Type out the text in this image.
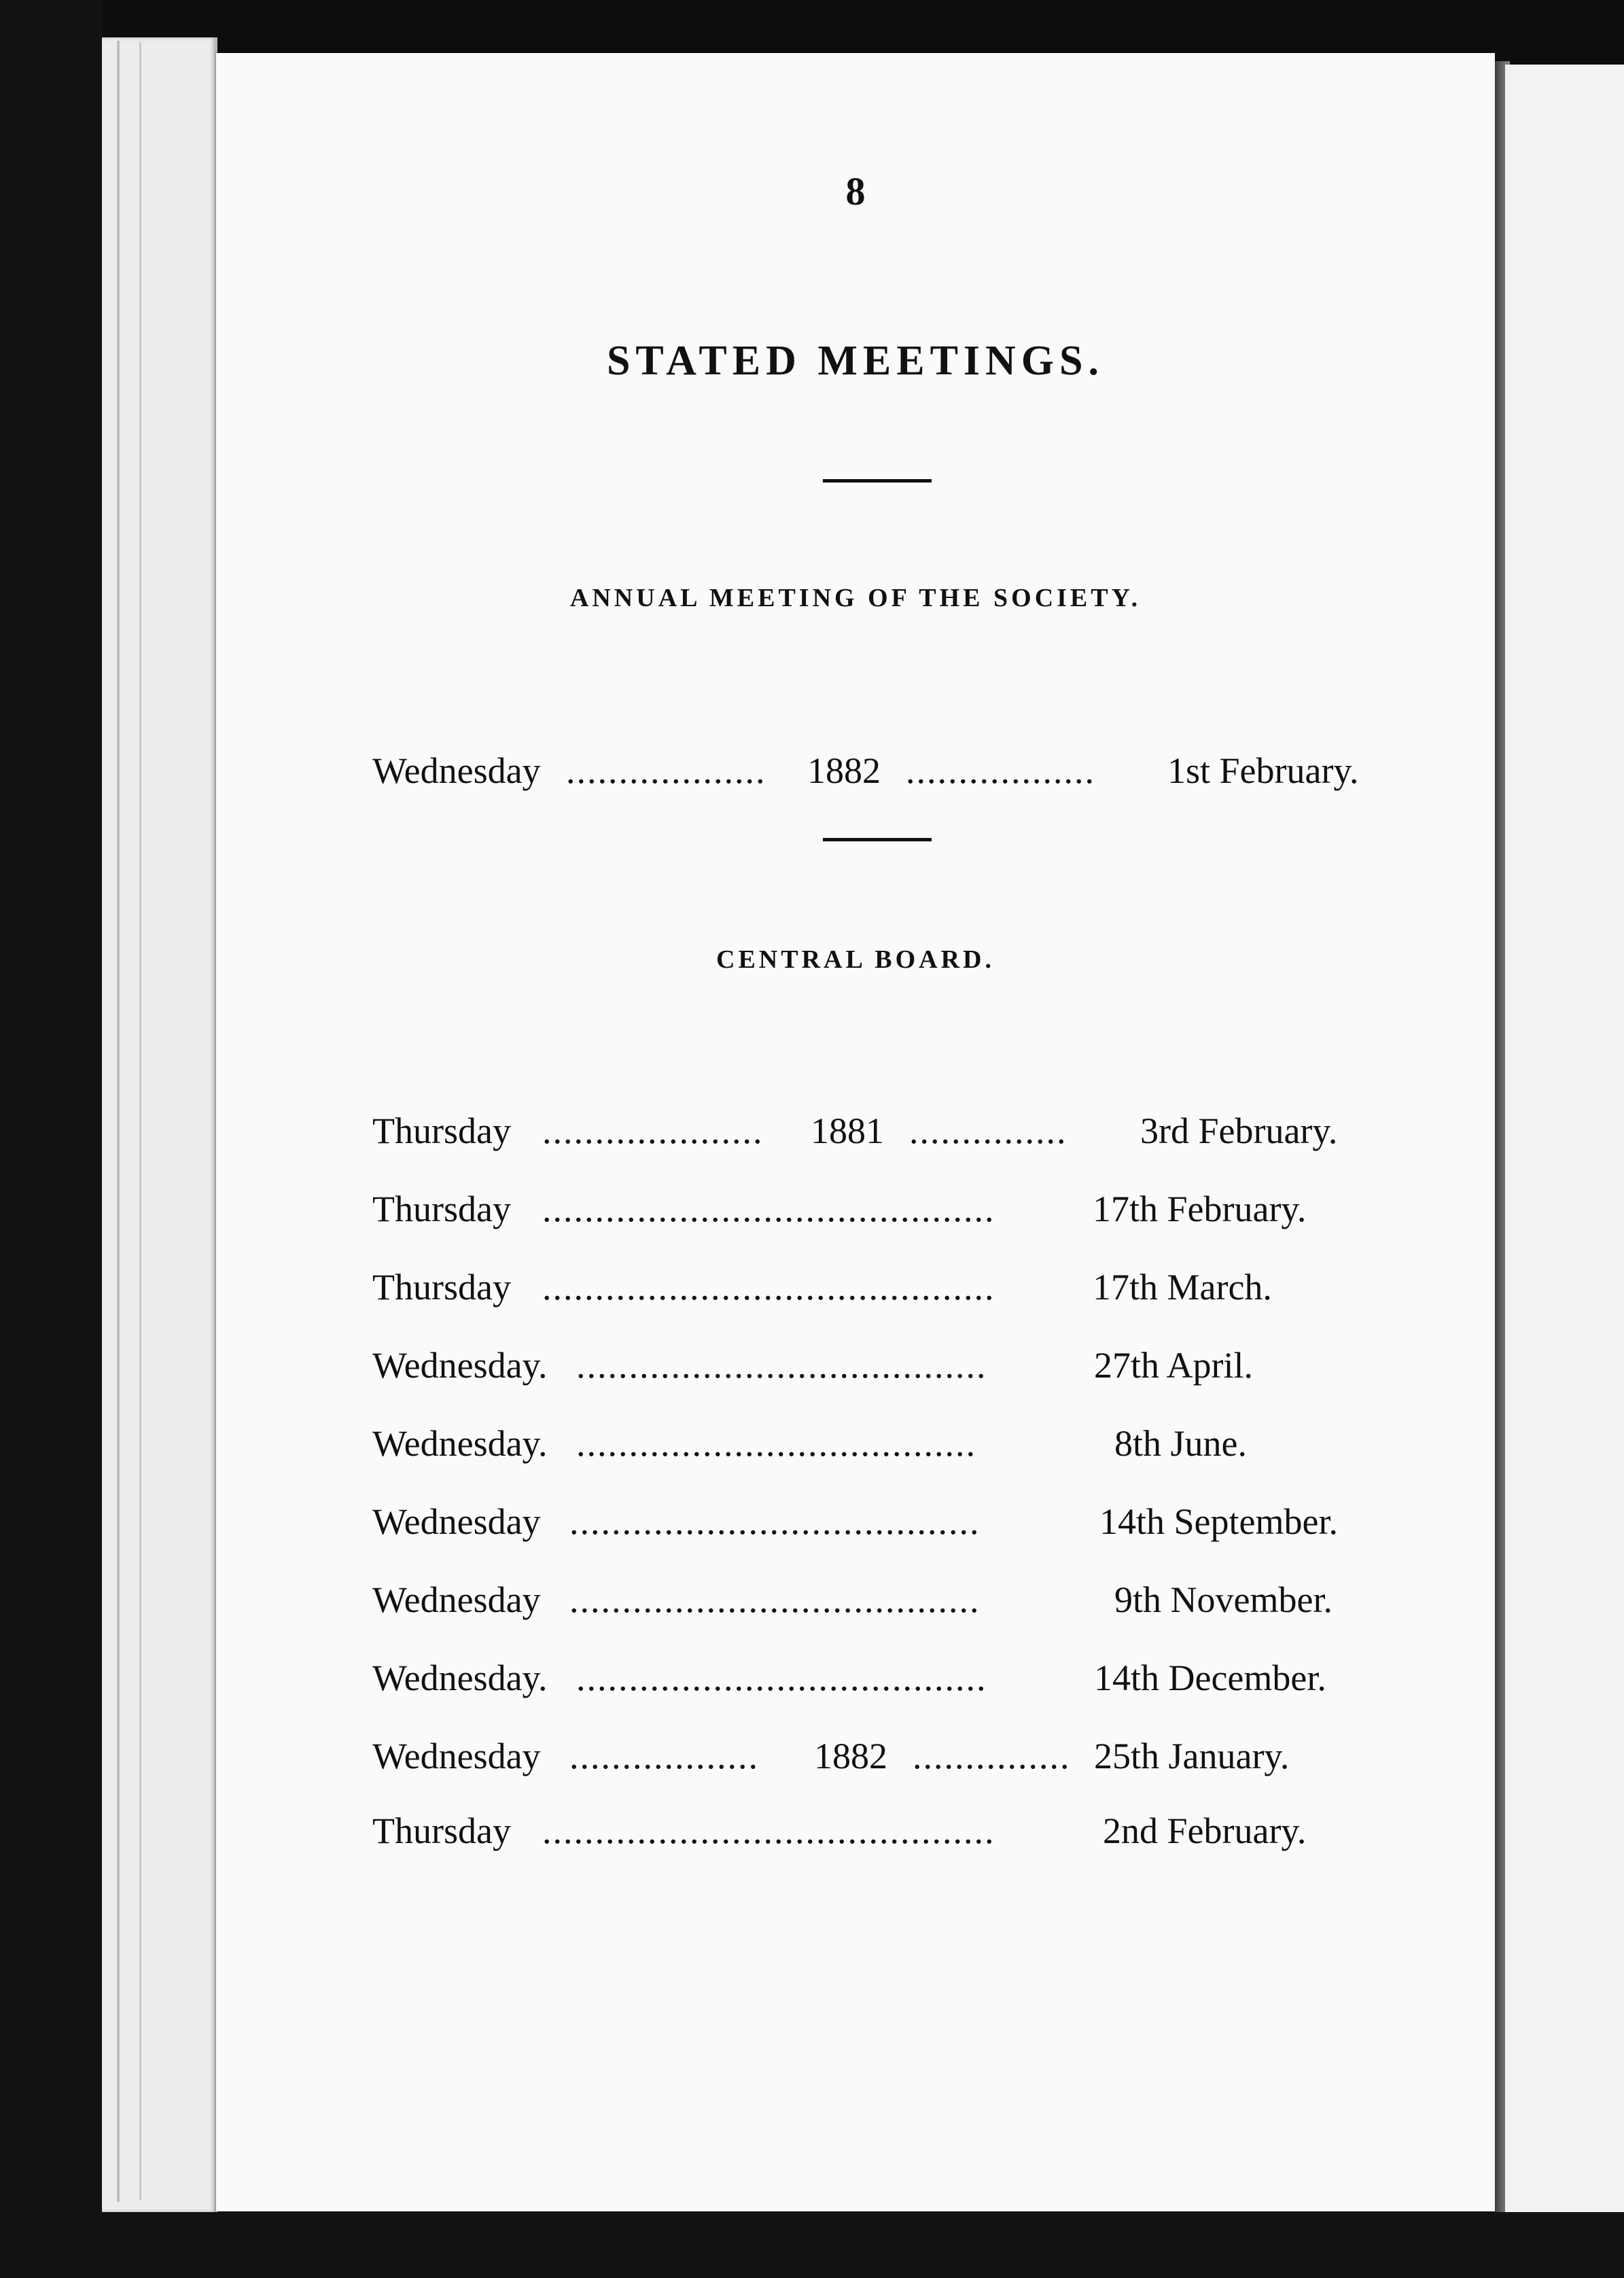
8
STATED MEETINGS.
ANNUAL MEETING OF THE SOCIETY.
Wednesday ................... 1882 .................. 1st February.
CENTRAL BOARD.
Thursday ..................... 1881 ............... 3rd February.
Thursday ...........................................	17th February.
Thursday ...........................................	17th March.
Wednesday. .......................................	27th April.
Wednesday. ......................................	8th June.
Wednesday .......................................	14th September.
Wednesday .......................................	9th November.
Wednesday. .......................................	14th December.
Wednesday .................. 1882 ............... 25th January.
Thursday ...........................................	2nd February.
